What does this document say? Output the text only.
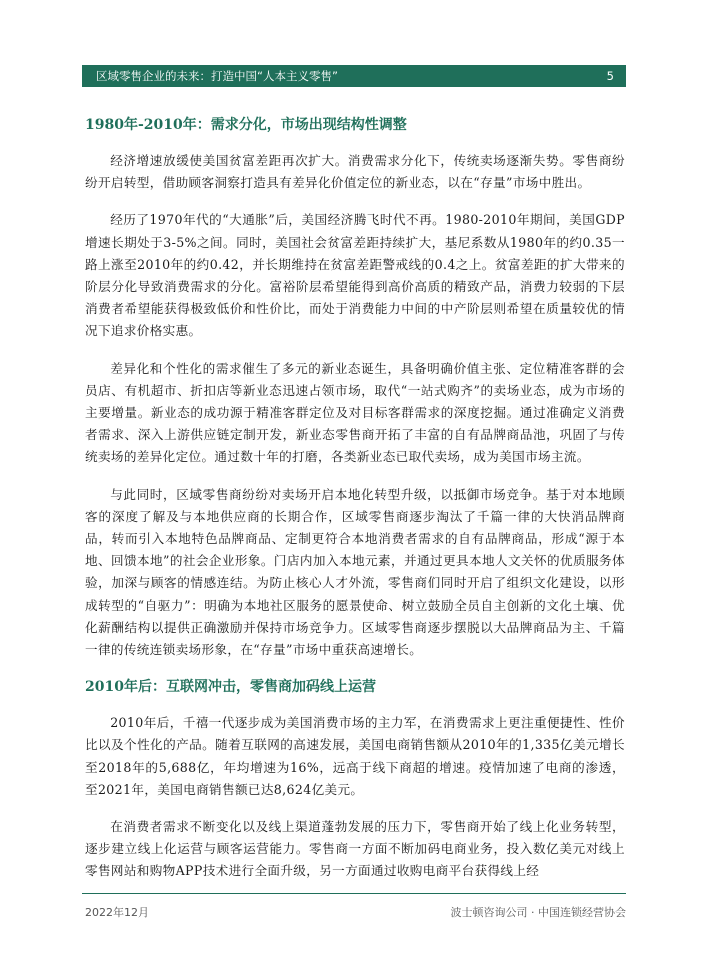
区域零售企业的未来：打造中国“人本主义零售”	5
1980年-2010年：需求分化，市场出现结构性调整

经济增速放缓使美国贫富差距再次扩大。消费需求分化下，传统卖场逐渐失势。零售商纷纷开启转型，借助顾客洞察打造具有差异化价值定位的新业态，以在“存量”市场中胜出。

经历了1970年代的“大通胀”后，美国经济腾飞时代不再。1980-2010年期间，美国GDP增速长期处于3-5%之间。同时，美国社会贫富差距持续扩大，基尼系数从1980年的约0.35一路上涨至2010年的约0.42，并长期维持在贫富差距警戒线的0.4之上。贫富差距的扩大带来的阶层分化导致消费需求的分化。富裕阶层希望能得到高价高质的精致产品，消费力较弱的下层消费者希望能获得极致低价和性价比，而处于消费能力中间的中产阶层则希望在质量较优的情况下追求价格实惠。

差异化和个性化的需求催生了多元的新业态诞生，具备明确价值主张、定位精准客群的会员店、有机超市、折扣店等新业态迅速占领市场，取代“一站式购齐”的卖场业态，成为市场的主要增量。新业态的成功源于精准客群定位及对目标客群需求的深度挖掘。通过准确定义消费者需求、深入上游供应链定制开发，新业态零售商开拓了丰富的自有品牌商品池，巩固了与传统卖场的差异化定位。通过数十年的打磨，各类新业态已取代卖场，成为美国市场主流。

与此同时，区域零售商纷纷对卖场开启本地化转型升级，以抵御市场竞争。基于对本地顾客的深度了解及与本地供应商的长期合作，区域零售商逐步淘汰了千篇一律的大快消品牌商品，转而引入本地特色品牌商品、定制更符合本地消费者需求的自有品牌商品，形成“源于本地、回馈本地”的社会企业形象。门店内加入本地元素，并通过更具本地人文关怀的优质服务体验，加深与顾客的情感连结。为防止核心人才外流，零售商们同时开启了组织文化建设，以形成转型的“自驱力”：明确为本地社区服务的愿景使命、树立鼓励全员自主创新的文化土壤、优化薪酬结构以提供正确激励并保持市场竞争力。区域零售商逐步摆脱以大品牌商品为主、千篇一律的传统连锁卖场形象，在“存量”市场中重获高速增长。

2010年后：互联网冲击，零售商加码线上运营

2010年后，千禧一代逐步成为美国消费市场的主力军，在消费需求上更注重便捷性、性价比以及个性化的产品。随着互联网的高速发展，美国电商销售额从2010年的1,335亿美元增长至2018年的5,688亿，年均增速为16%，远高于线下商超的增速。疫情加速了电商的渗透，至2021年，美国电商销售额已达8,624亿美元。

在消费者需求不断变化以及线上渠道蓬勃发展的压力下，零售商开始了线上化业务转型，逐步建立线上化运营与顾客运营能力。零售商一方面不断加码电商业务，投入数亿美元对线上零售网站和购物APP技术进行全面升级，另一方面通过收购电商平台获得线上经

2022年12月	波士顿咨询公司 · 中国连锁经营协会
